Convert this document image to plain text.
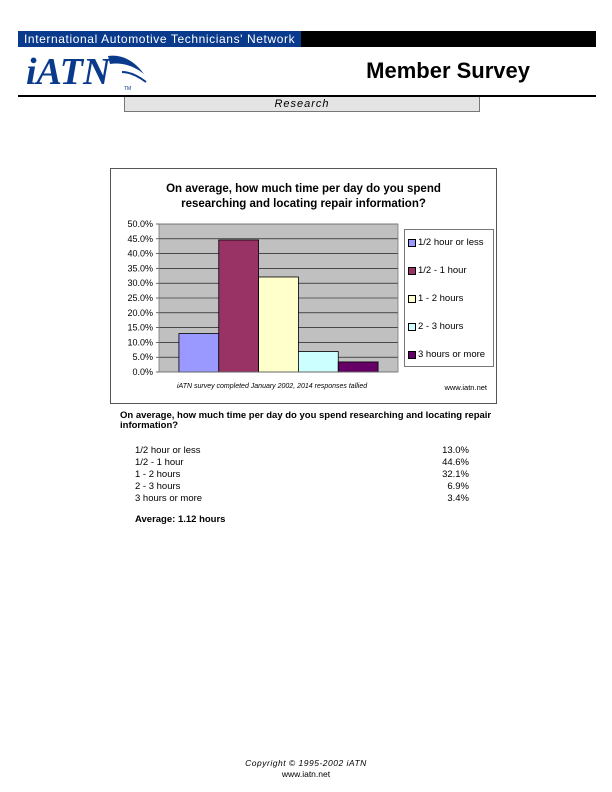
International Automotive Technicians' Network
iATN	TM
Member Survey
Research
On average, how much time per day do you spend
researching and locating repair information?
0.0%
5.0%
10.0%
15.0%
20.0%
25.0%
30.0%
35.0%
40.0%
45.0%
50.0%
1/2 hour or less
1/2 - 1 hour
1 - 2 hours
2 - 3 hours
3 hours or more
iATN survey completed January 2002, 2014 responses tallied	www.iatn.net
On average, how much time per day do you spend researching and locating repair information?
1/2 hour or less	13.0%
1/2 - 1 hour	44.6%
1 - 2 hours	32.1%
2 - 3 hours	6.9%
3 hours or more	3.4%
Average: 1.12 hours
Copyright © 1995-2002 iATN
www.iatn.net
